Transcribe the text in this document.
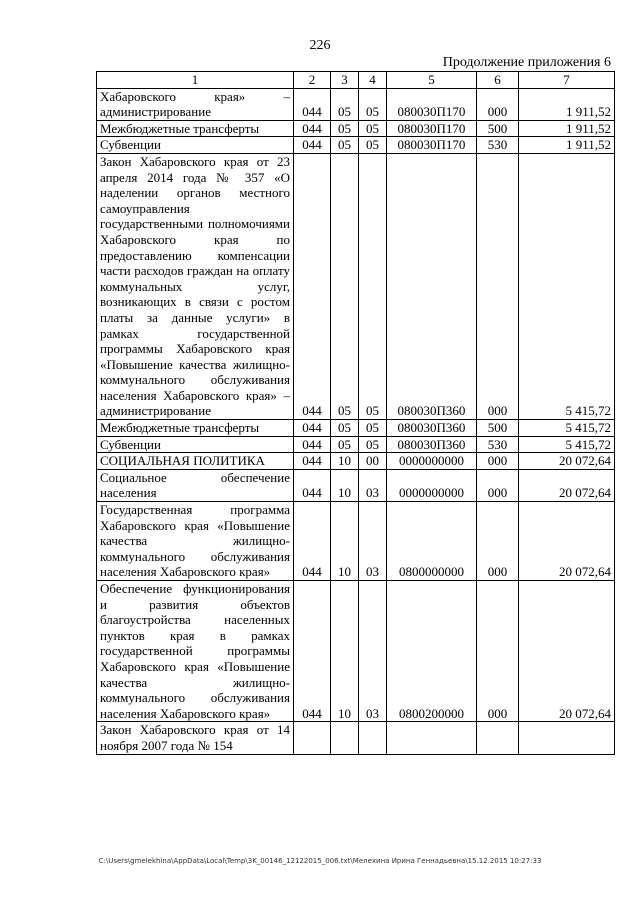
226
Продолжение приложения 6
1	2	3	4	5	6	7
Хабаровского края» – администрирование	044	05	05	080030П170	000	1 911,52
Межбюджетные трансферты	044	05	05	080030П170	500	1 911,52
Субвенции	044	05	05	080030П170	530	1 911,52
Закон Хабаровского края от 23 апреля 2014 года № 357 «О наделении органов местного самоуправления государственными полномочиями Хабаровского края по предоставлению компенсации части расходов граждан на оплату коммунальных услуг, возникающих в связи с ростом платы за данные услуги» в рамках государственной программы Хабаровского края «Повышение качества жилищно-коммунального обслуживания населения Хабаровского края» – администрирование	044	05	05	080030П360	000	5 415,72
Межбюджетные трансферты	044	05	05	080030П360	500	5 415,72
Субвенции	044	05	05	080030П360	530	5 415,72
СОЦИАЛЬНАЯ ПОЛИТИКА	044	10	00	0000000000	000	20 072,64
Социальное обеспечение населения	044	10	03	0000000000	000	20 072,64
Государственная программа Хабаровского края «Повышение качества жилищно-коммунального обслуживания населения Хабаровского края»	044	10	03	0800000000	000	20 072,64
Обеспечение функционирования и развития объектов благоустройства населенных пунктов края в рамках государственной программы Хабаровского края «Повышение качества жилищно-коммунального обслуживания населения Хабаровского края»	044	10	03	0800200000	000	20 072,64
Закон Хабаровского края от 14 ноября 2007 года № 154						
C:\Users\gmelekhina\AppData\Local\Temp\3K_00146_12122015_006.txt\Мелехина Ирина Геннадьевна\15.12.2015 10:27:33
